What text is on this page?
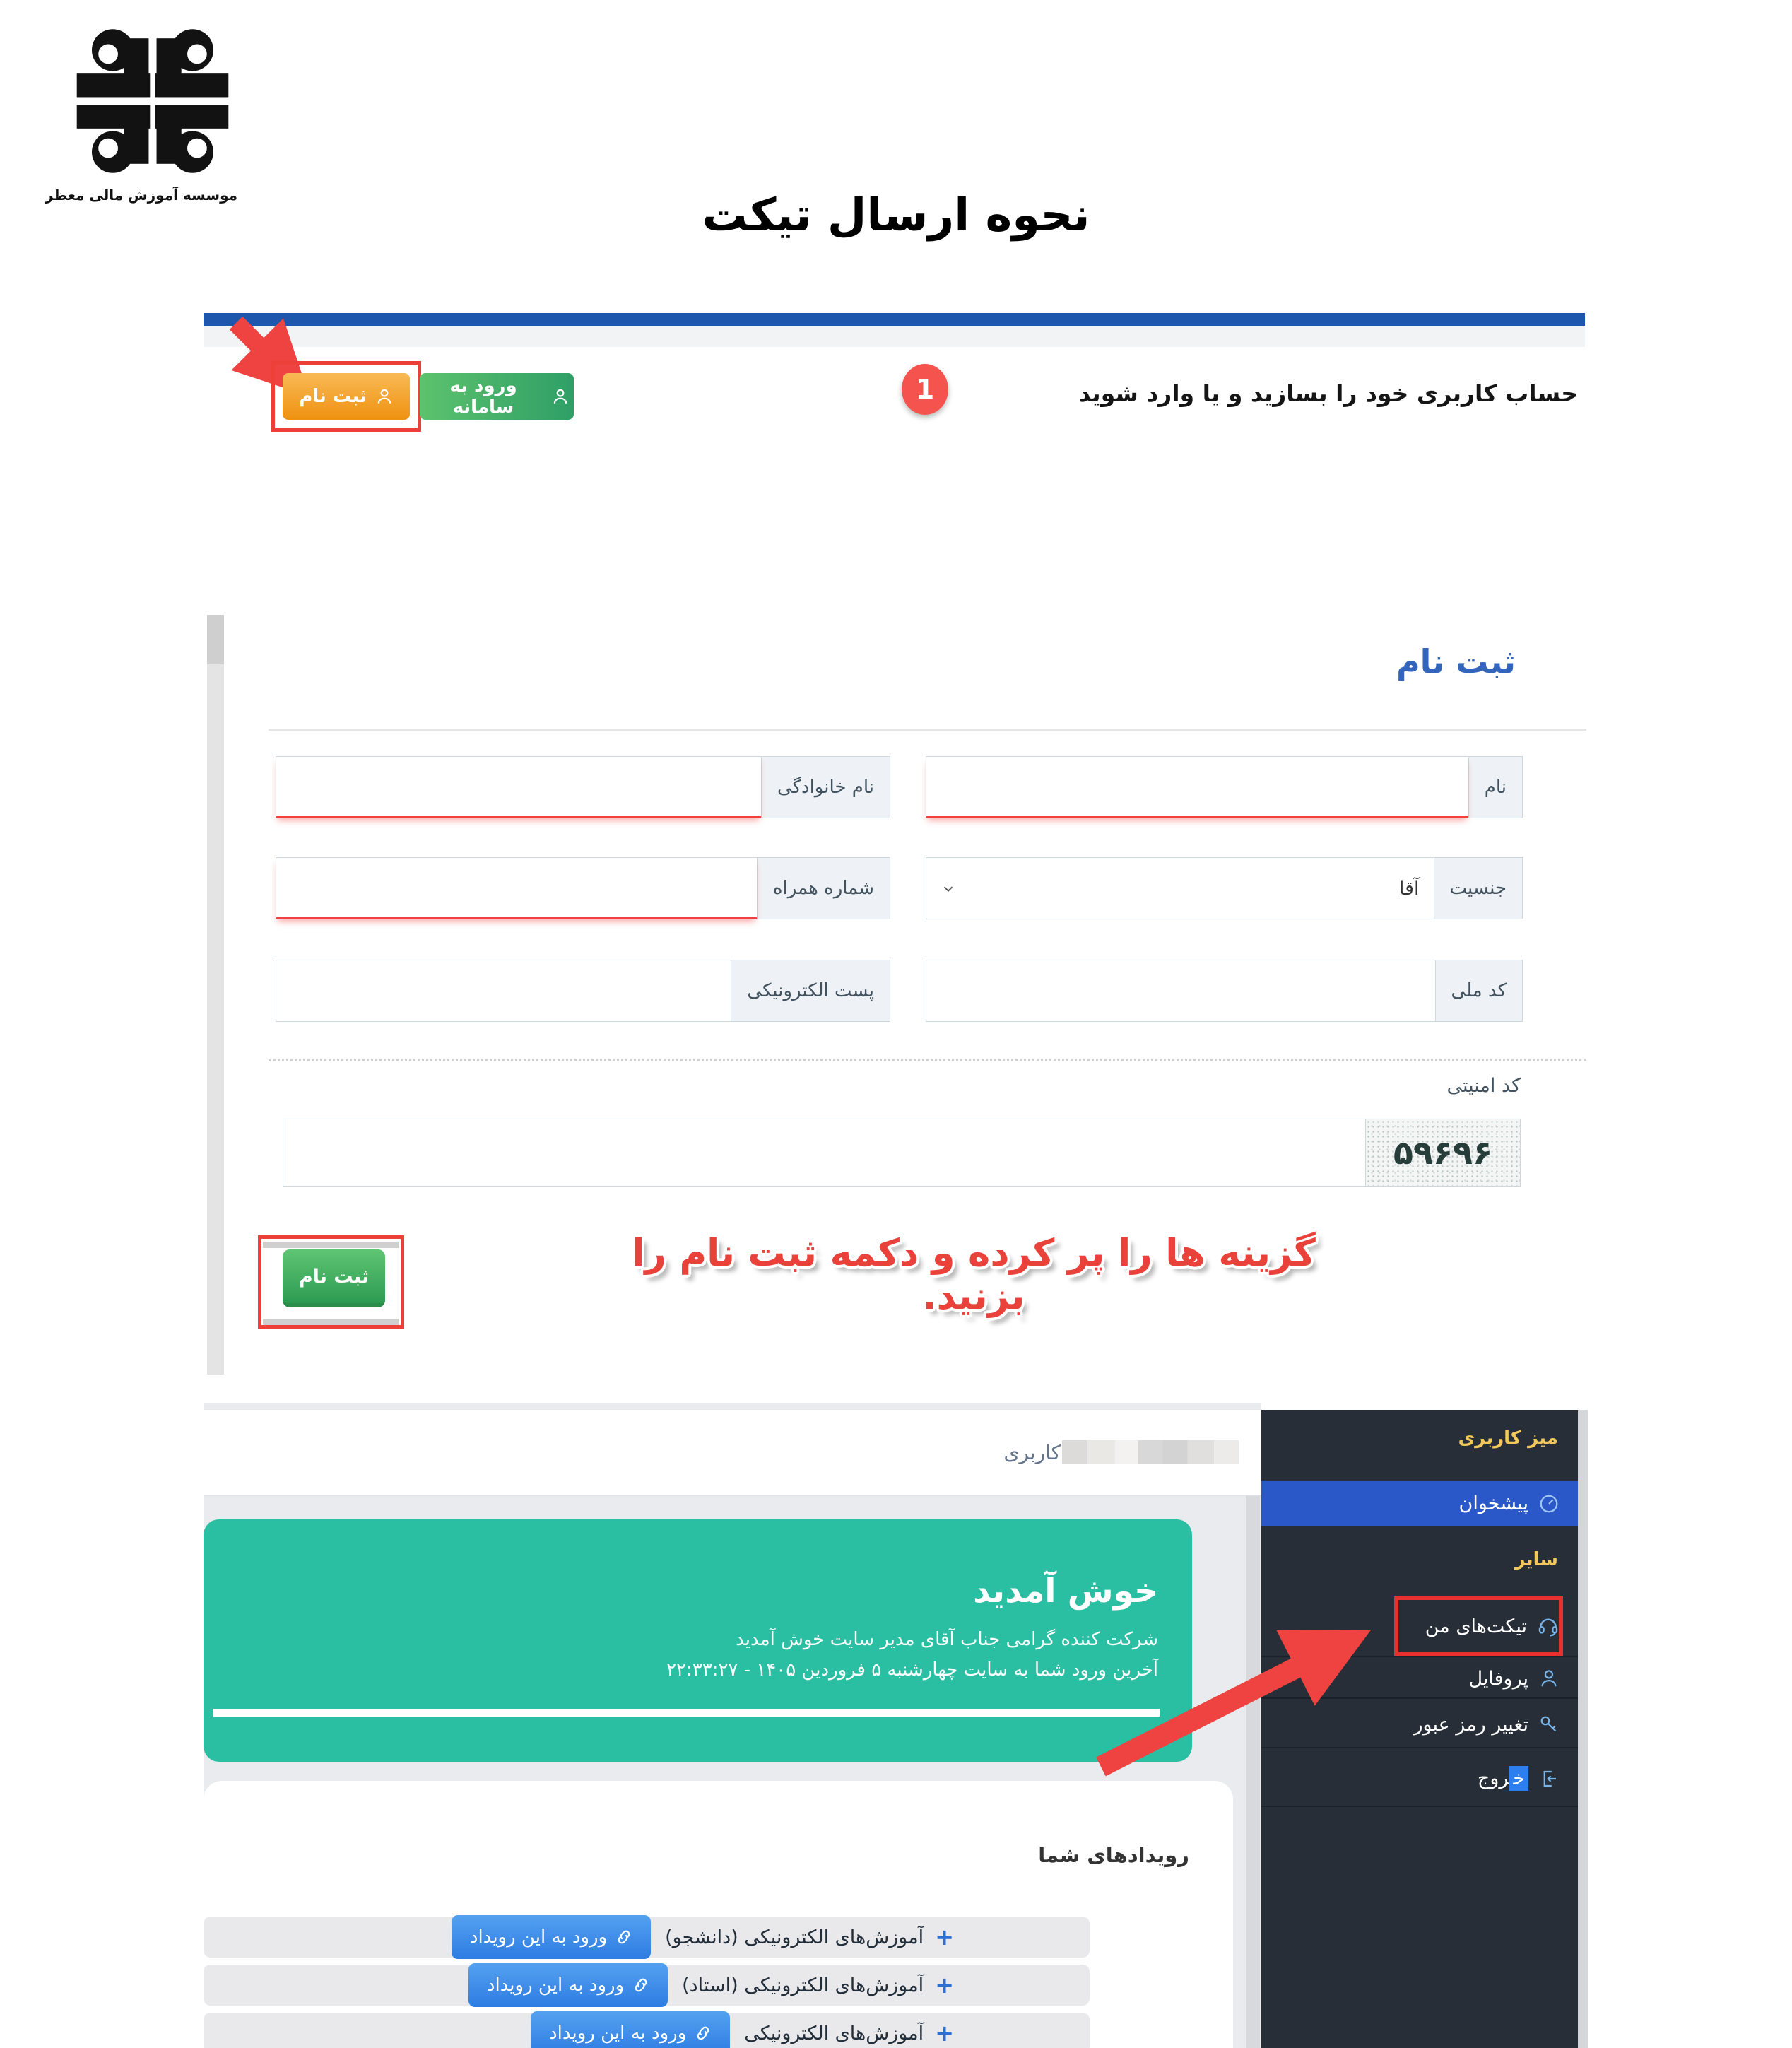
موسسه آموزش مالی معظر	نحوه ارسال تیکت
ثبت نام	ورود به سامانه
1	حساب کاربری خود را بسازید و یا وارد شوید
ثبت نام
نام
نام خانوادگی
جنسیت
آقا
شماره همراه
کد ملی
پست الکترونیکی
کد امنیتی
۵۹۶۹۶
ثبت نام
گزینه ها را پر کرده و دکمه ثبت نام را بزنید.
کاربری
خوش آمدید

شرکت کننده گرامی جناب آقای مدیر سایت خوش آمدید

آخرین ورود شما به سایت چهارشنبه ۵ فروردین ۱۴۰۵ - ۲۲:۳۳:۲۷

رویدادهای شما
+
آموزش‌های الکترونیکی (دانشجو)
ورود به این رویداد
+
آموزش‌های الکترونیکی (استاد)
ورود به این رویداد
+
آموزش‌های الکترونیکی
ورود به این رویداد
میز کاربری
پیشخوان
سایر
تیکت‌های من
پروفایل
تغییر رمز عبور
خروج
